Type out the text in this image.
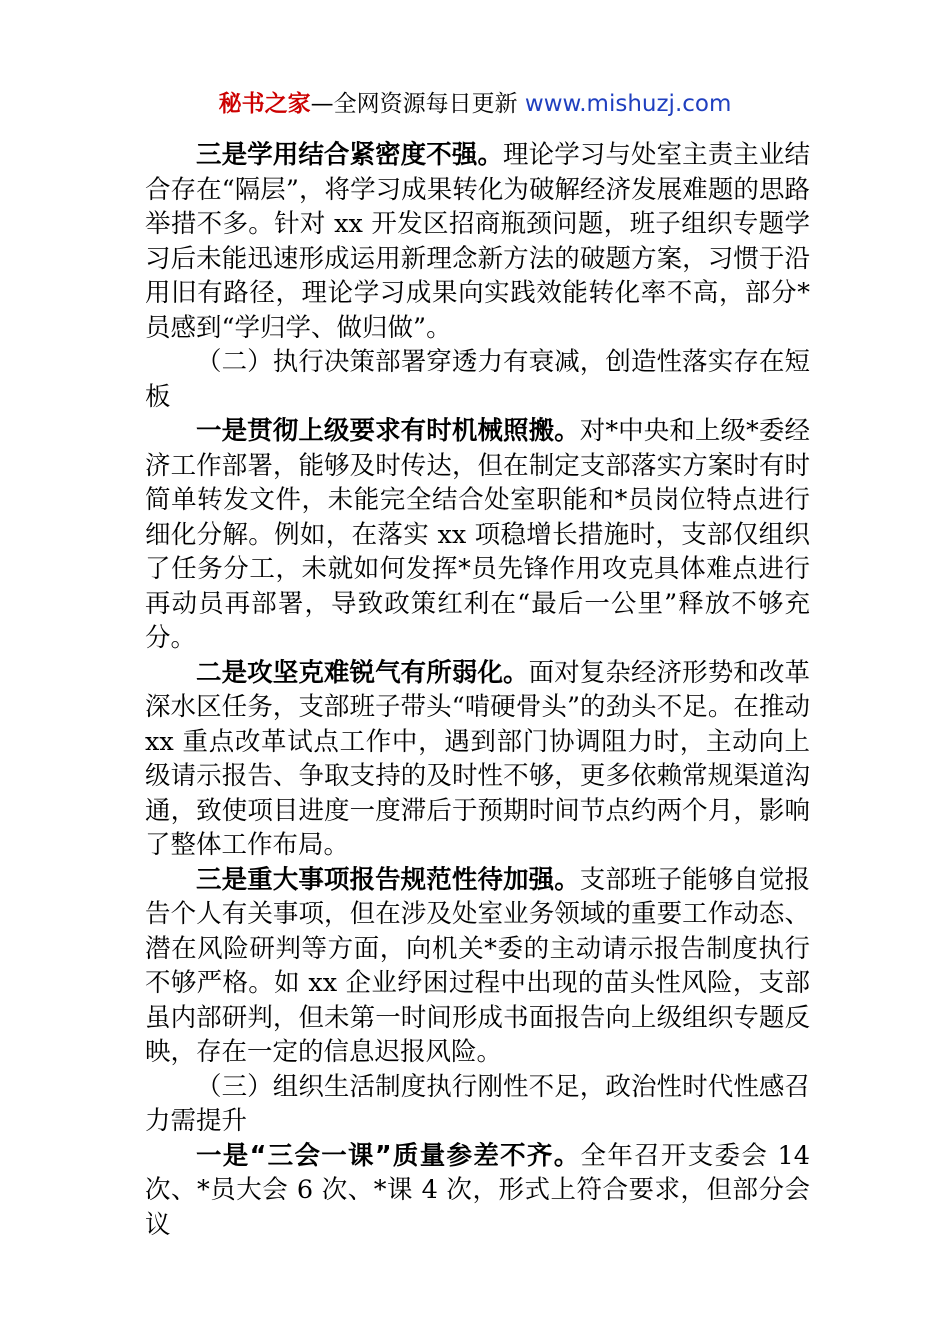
秘书之家—全网资源每日更新 www.mishuzj.com

三是学用结合紧密度不强。理论学习与处室主责主业结合存在“隔层”，将学习成果转化为破解经济发展难题的思路举措不多。针对 xx 开发区招商瓶颈问题，班子组织专题学习后未能迅速形成运用新理念新方法的破题方案，习惯于沿用旧有路径，理论学习成果向实践效能转化率不高，部分*员感到“学归学、做归做”。

（二）执行决策部署穿透力有衰减，创造性落实存在短板

一是贯彻上级要求有时机械照搬。对*中央和上级*委经济工作部署，能够及时传达，但在制定支部落实方案时有时简单转发文件，未能完全结合处室职能和*员岗位特点进行细化分解。例如，在落实 xx 项稳增长措施时，支部仅组织了任务分工，未就如何发挥*员先锋作用攻克具体难点进行再动员再部署，导致政策红利在“最后一公里”释放不够充分。

二是攻坚克难锐气有所弱化。面对复杂经济形势和改革深水区任务，支部班子带头“啃硬骨头”的劲头不足。在推动 xx 重点改革试点工作中，遇到部门协调阻力时，主动向上级请示报告、争取支持的及时性不够，更多依赖常规渠道沟通，致使项目进度一度滞后于预期时间节点约两个月，影响了整体工作布局。

三是重大事项报告规范性待加强。支部班子能够自觉报告个人有关事项，但在涉及处室业务领域的重要工作动态、潜在风险研判等方面，向机关*委的主动请示报告制度执行不够严格。如 xx 企业纾困过程中出现的苗头性风险，支部虽内部研判，但未第一时间形成书面报告向上级组织专题反映，存在一定的信息迟报风险。

（三）组织生活制度执行刚性不足，政治性时代性感召力需提升

一是“三会一课”质量参差不齐。全年召开支委会 14 次、*员大会 6 次、*课 4 次，形式上符合要求，但部分会议
